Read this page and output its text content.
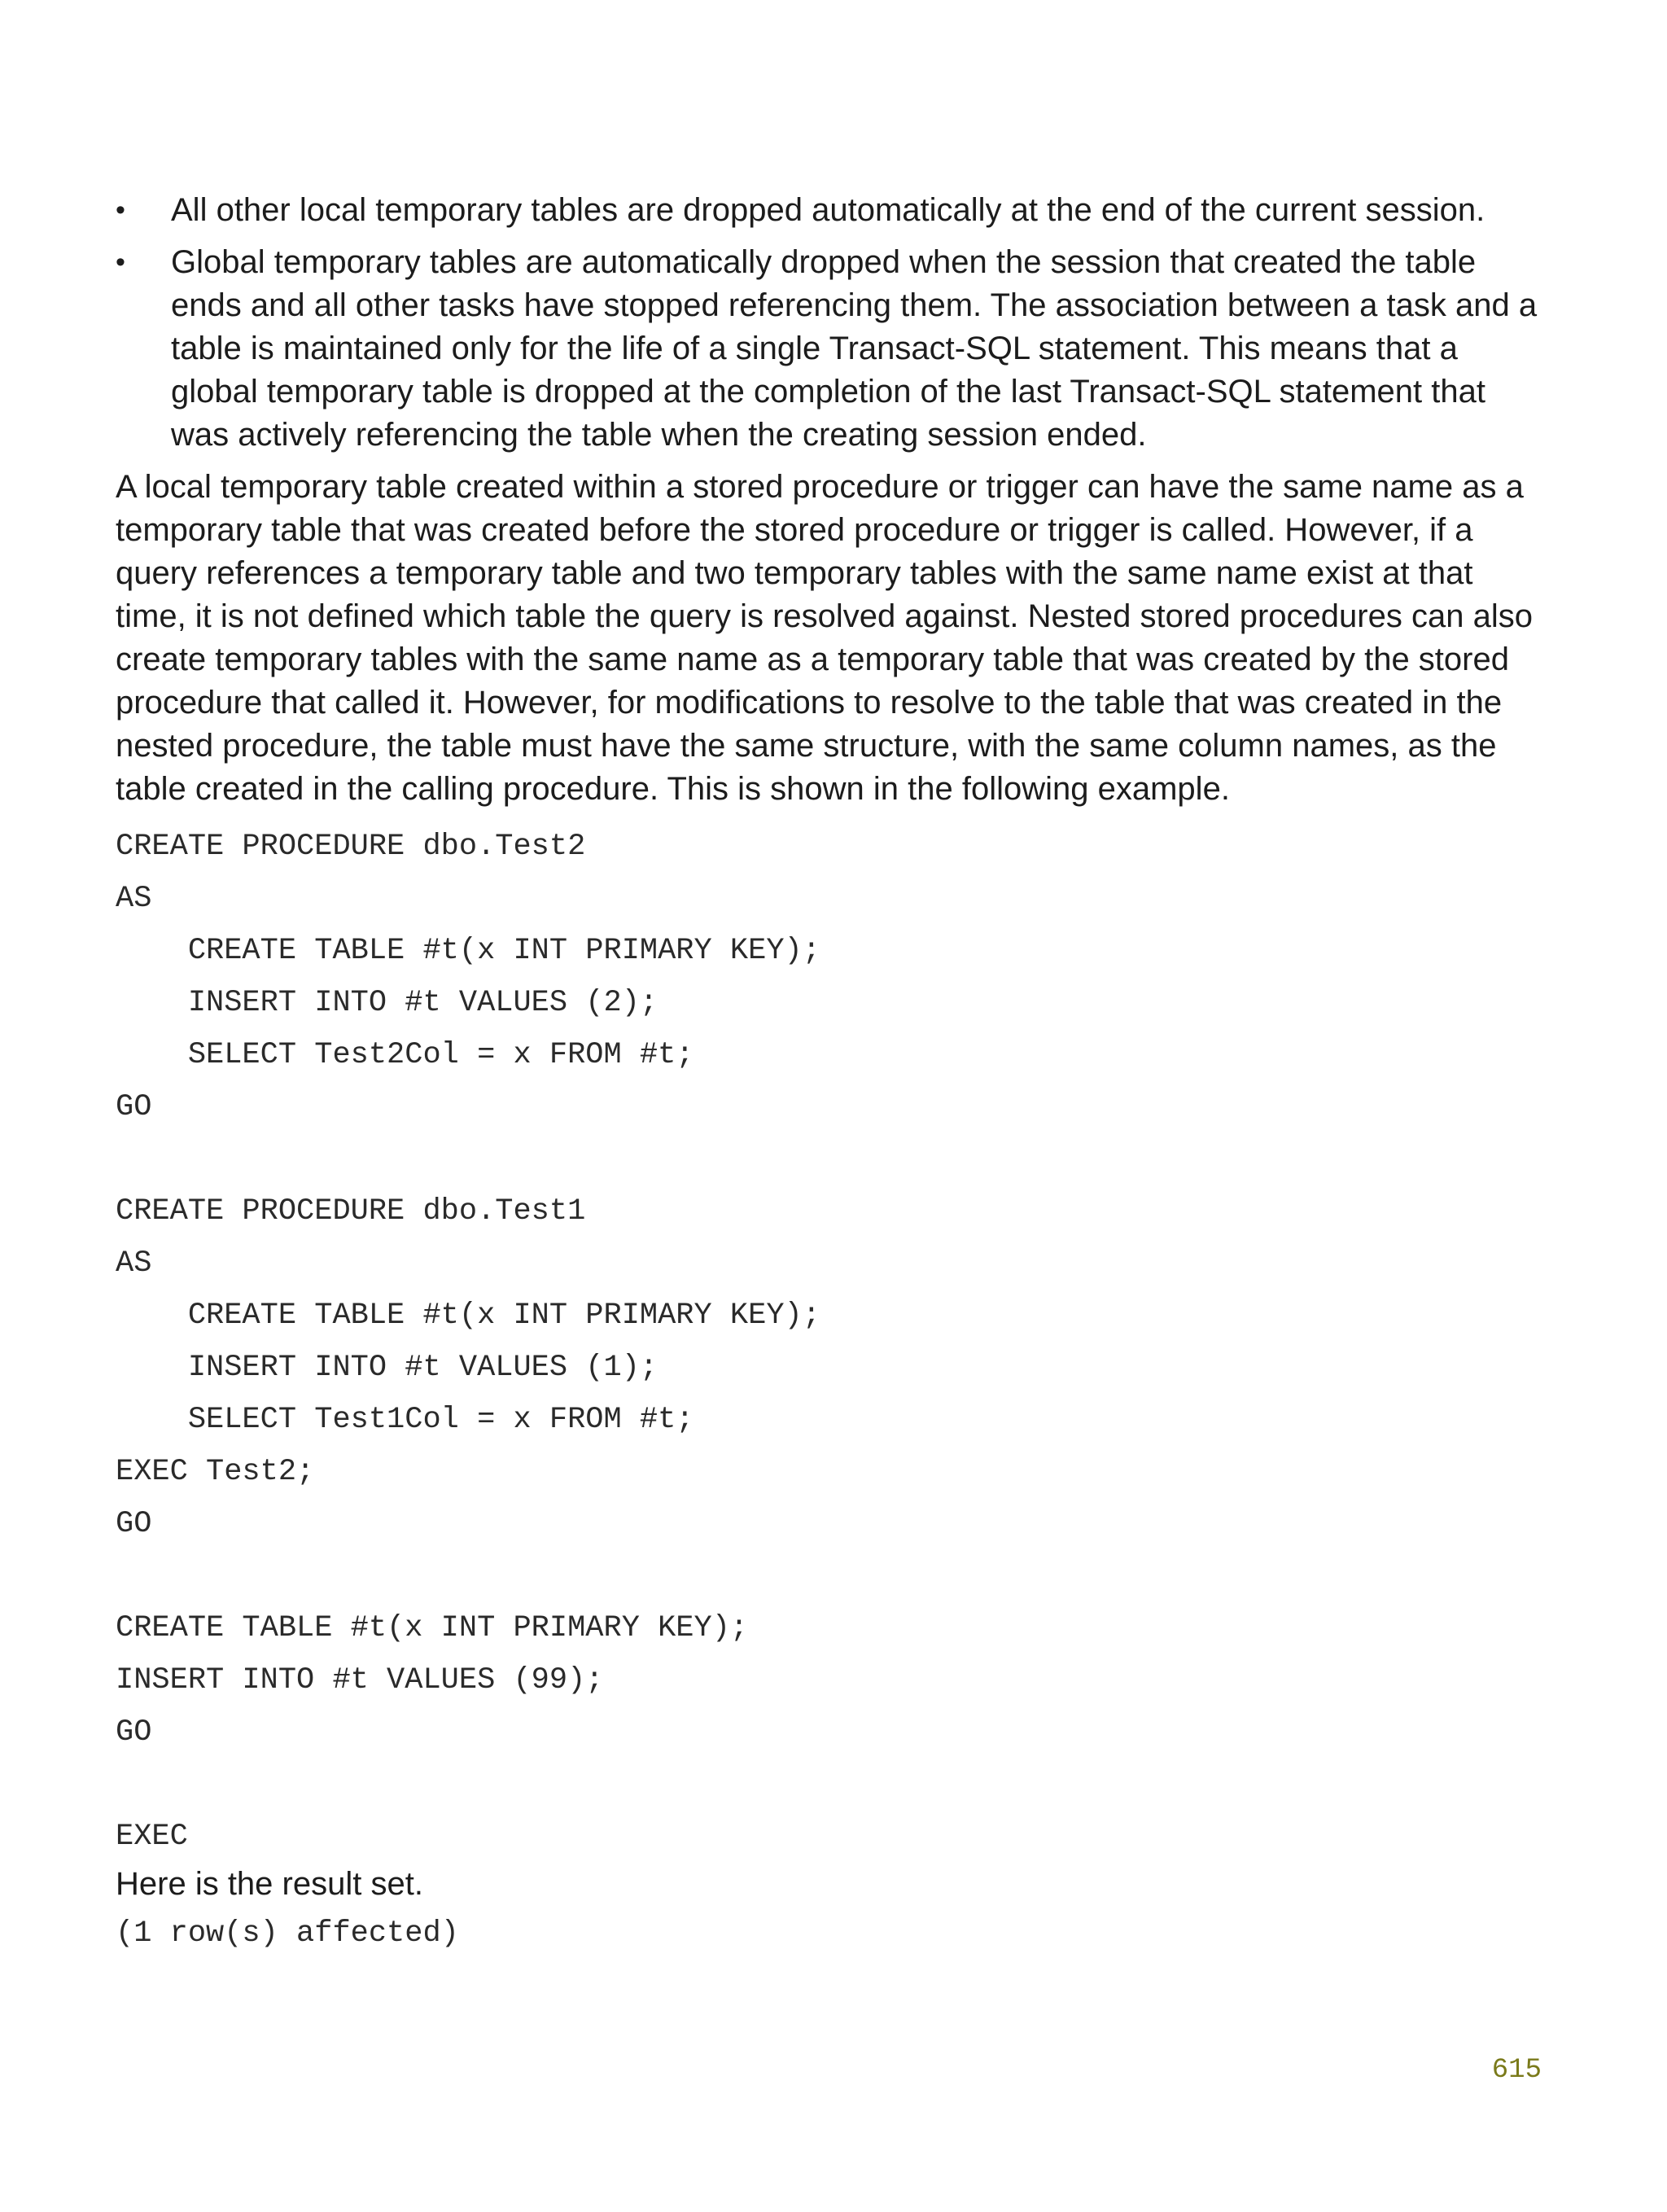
• All other local temporary tables are dropped automatically at the end of the current session.
• Global temporary tables are automatically dropped when the session that created the table ends and all other tasks have stopped referencing them. The association between a task and a table is maintained only for the life of a single Transact-SQL statement. This means that a global temporary table is dropped at the completion of the last Transact-SQL statement that was actively referencing the table when the creating session ended.

A local temporary table created within a stored procedure or trigger can have the same name as a temporary table that was created before the stored procedure or trigger is called. However, if a query references a temporary table and two temporary tables with the same name exist at that time, it is not defined which table the query is resolved against. Nested stored procedures can also create temporary tables with the same name as a temporary table that was created by the stored procedure that called it. However, for modifications to resolve to the table that was created in the nested procedure, the table must have the same structure, with the same column names, as the table created in the calling procedure. This is shown in the following example.

CREATE PROCEDURE dbo.Test2
AS
CREATE TABLE #t(x INT PRIMARY KEY);
INSERT INTO #t VALUES (2);
SELECT Test2Col = x FROM #t;
GO
CREATE PROCEDURE dbo.Test1
AS
CREATE TABLE #t(x INT PRIMARY KEY);
INSERT INTO #t VALUES (1);
SELECT Test1Col = x FROM #t;
EXEC Test2;
GO
CREATE TABLE #t(x INT PRIMARY KEY);
INSERT INTO #t VALUES (99);
GO
EXEC

Here is the result set.

(1 row(s) affected)
615
